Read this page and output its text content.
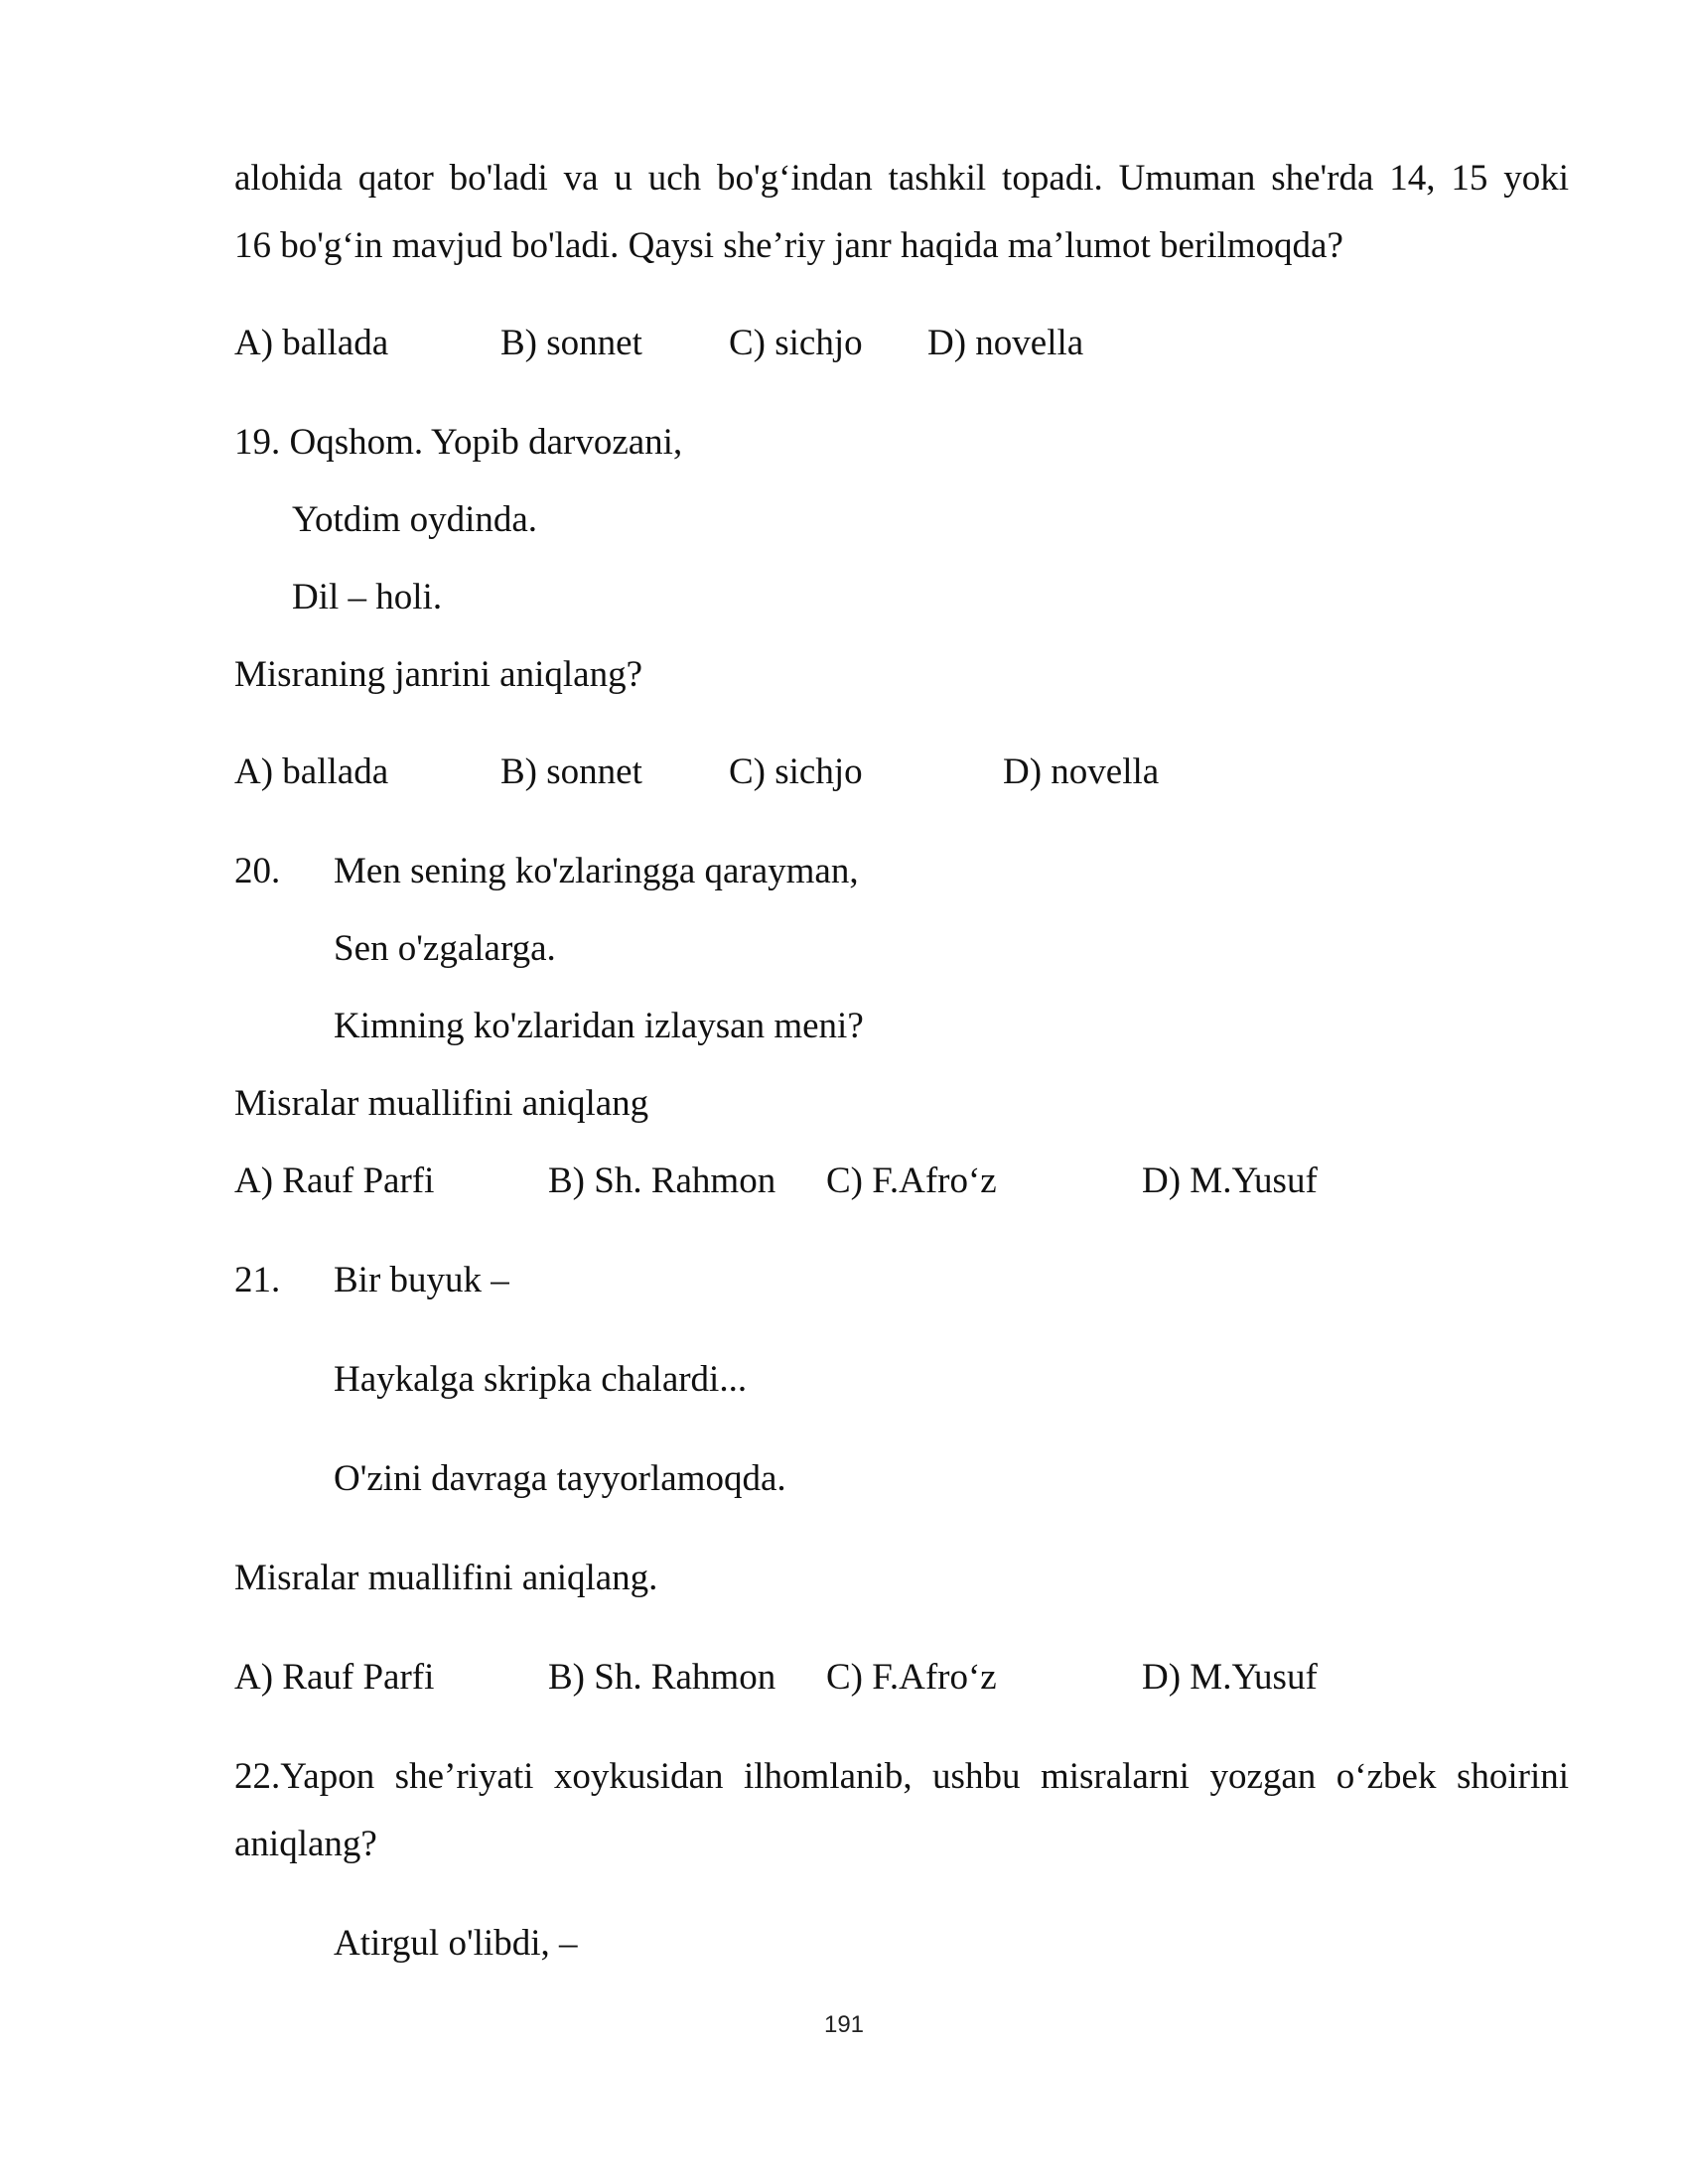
alohida qator bo'ladi va u uch bo'g‘indan tashkil topadi. Umuman she'rda 14, 15 yoki
16 bo'g‘in mavjud bo'ladi. Qaysi she’riy janr haqida ma’lumot berilmoqda?
A) ballada	B) sonnet C) sichjo D) novella
19. Oqshom. Yopib darvozani,
Yotdim oydinda.
Dil – holi.
Misraning janrini aniqlang?
A) ballada	B) sonnet C) sichjo	D) novella
20. Men sening ko'zlaringga qarayman,
Sen o'zgalarga.
Kimning ko'zlaridan izlaysan meni?
Misralar muallifini aniqlang
A) Rauf Parfi	B) Sh. Rahmon C) F.Afro‘z	D) M.Yusuf
21. Bir buyuk –
Haykalga skripka chalardi...
O'zini davraga tayyorlamoqda.
Misralar muallifini aniqlang.
A) Rauf Parfi	B) Sh. Rahmon C) F.Afro‘z	D) M.Yusuf
22.Yapon she’riyati xoykusidan ilhomlanib, ushbu misralarni yozgan o‘zbek shoirini
aniqlang?
Atirgul o'libdi, –
191
